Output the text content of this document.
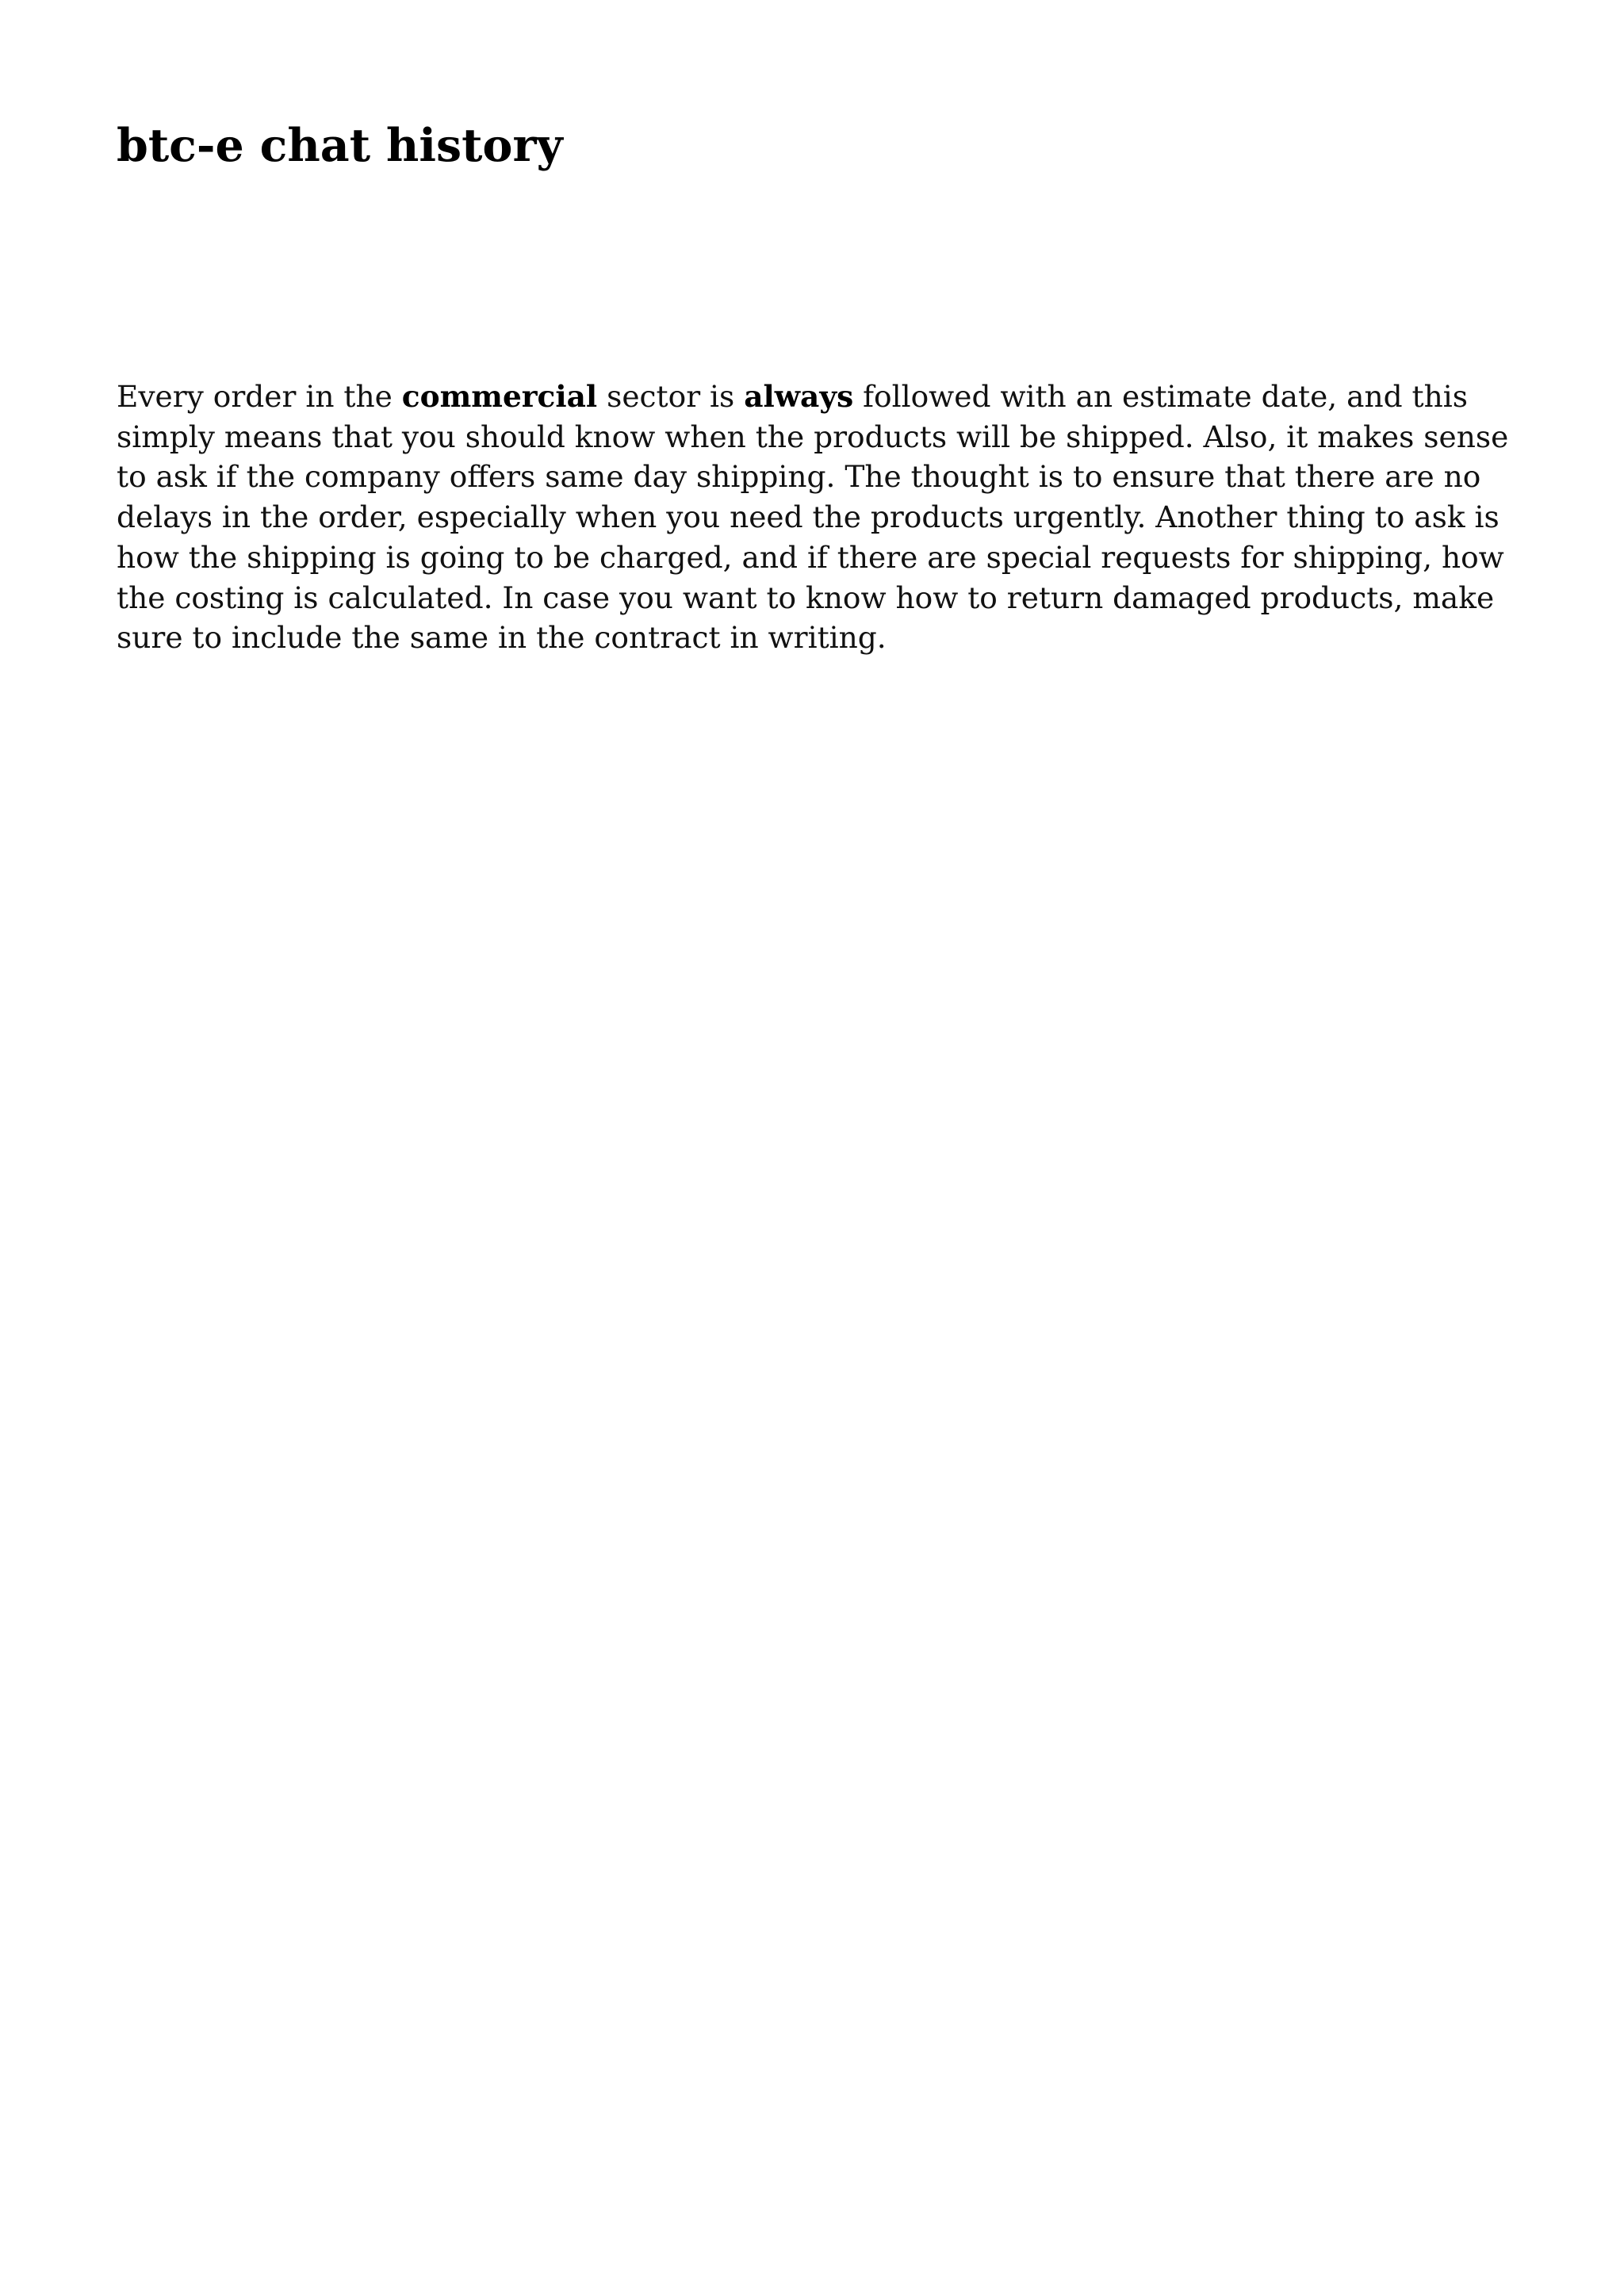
btc-e chat history

Every order in the commercial sector is always followed with an estimate date, and this simply means that you should know when the products will be shipped. Also, it makes sense to ask if the company offers same day shipping. The thought is to ensure that there are no delays in the order, especially when you need the products urgently. Another thing to ask is how the shipping is going to be charged, and if there are special requests for shipping, how the costing is calculated. In case you want to know how to return damaged products, make sure to include the same in the contract in writing.
